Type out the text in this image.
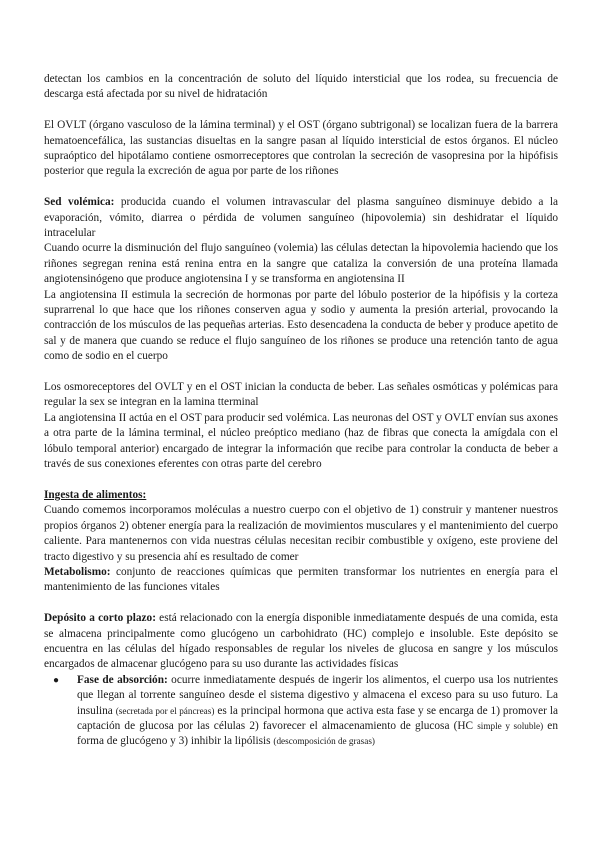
detectan los cambios en la concentración de soluto del líquido intersticial que los rodea, su frecuencia de descarga está afectada por su nivel de hidratación

El OVLT (órgano vasculoso de la lámina terminal) y el OST (órgano subtrigonal) se localizan fuera de la barrera hematoencefálica, las sustancias disueltas en la sangre pasan al líquido intersticial de estos órganos. El núcleo supraóptico del hipotálamo contiene osmorreceptores que controlan la secreción de vasopresina por la hipófisis posterior que regula la excreción de agua por parte de los riñones

Sed volémica: producida cuando el volumen intravascular del plasma sanguíneo disminuye debido a la evaporación, vómito, diarrea o pérdida de volumen sanguíneo (hipovolemia) sin deshidratar el líquido intracelular

Cuando ocurre la disminución del flujo sanguíneo (volemia) las células detectan la hipovolemia haciendo que los riñones segregan renina está renina entra en la sangre que cataliza la conversión de una proteína llamada angiotensinógeno que produce angiotensina I y se transforma en angiotensina II

La angiotensina II estimula la secreción de hormonas por parte del lóbulo posterior de la hipófisis y la corteza suprarrenal lo que hace que los riñones conserven agua y sodio y aumenta la presión arterial, provocando la contracción de los músculos de las pequeñas arterias. Esto desencadena la conducta de beber y produce apetito de sal y de manera que cuando se reduce el flujo sanguíneo de los riñones se produce una retención tanto de agua como de sodio en el cuerpo

Los osmoreceptores del OVLT y en el OST inician la conducta de beber. Las señales osmóticas y polémicas para regular la sex se integran en la lamina tterminal

La angiotensina II actúa en el OST para producir sed volémica. Las neuronas del OST y OVLT envían sus axones a otra parte de la lámina terminal, el núcleo preóptico mediano (haz de fibras que conecta la amígdala con el lóbulo temporal anterior) encargado de integrar la información que recibe para controlar la conducta de beber a través de sus conexiones eferentes con otras parte del cerebro

Ingesta de alimentos:

Cuando comemos incorporamos moléculas a nuestro cuerpo con el objetivo de 1) construir y mantener nuestros propios órganos 2) obtener energía para la realización de movimientos musculares y el mantenimiento del cuerpo caliente. Para mantenernos con vida nuestras células necesitan recibir combustible y oxígeno, este proviene del tracto digestivo y su presencia ahí es resultado de comer

Metabolismo: conjunto de reacciones químicas que permiten transformar los nutrientes en energía para el mantenimiento de las funciones vitales

Depósito a corto plazo: está relacionado con la energía disponible inmediatamente después de una comida, esta se almacena principalmente como glucógeno un carbohidrato (HC) complejo e insoluble. Este depósito se encuentra en las células del hígado responsables de regular los niveles de glucosa en sangre y los músculos encargados de almacenar glucógeno para su uso durante las actividades físicas

● Fase de absorción: ocurre inmediatamente después de ingerir los alimentos, el cuerpo usa los nutrientes que llegan al torrente sanguíneo desde el sistema digestivo y almacena el exceso para su uso futuro. La insulina (secretada por el páncreas) es la principal hormona que activa esta fase y se encarga de 1) promover la captación de glucosa por las células 2) favorecer el almacenamiento de glucosa (HC simple y soluble) en forma de glucógeno y 3) inhibir la lipólisis (descomposición de grasas)
